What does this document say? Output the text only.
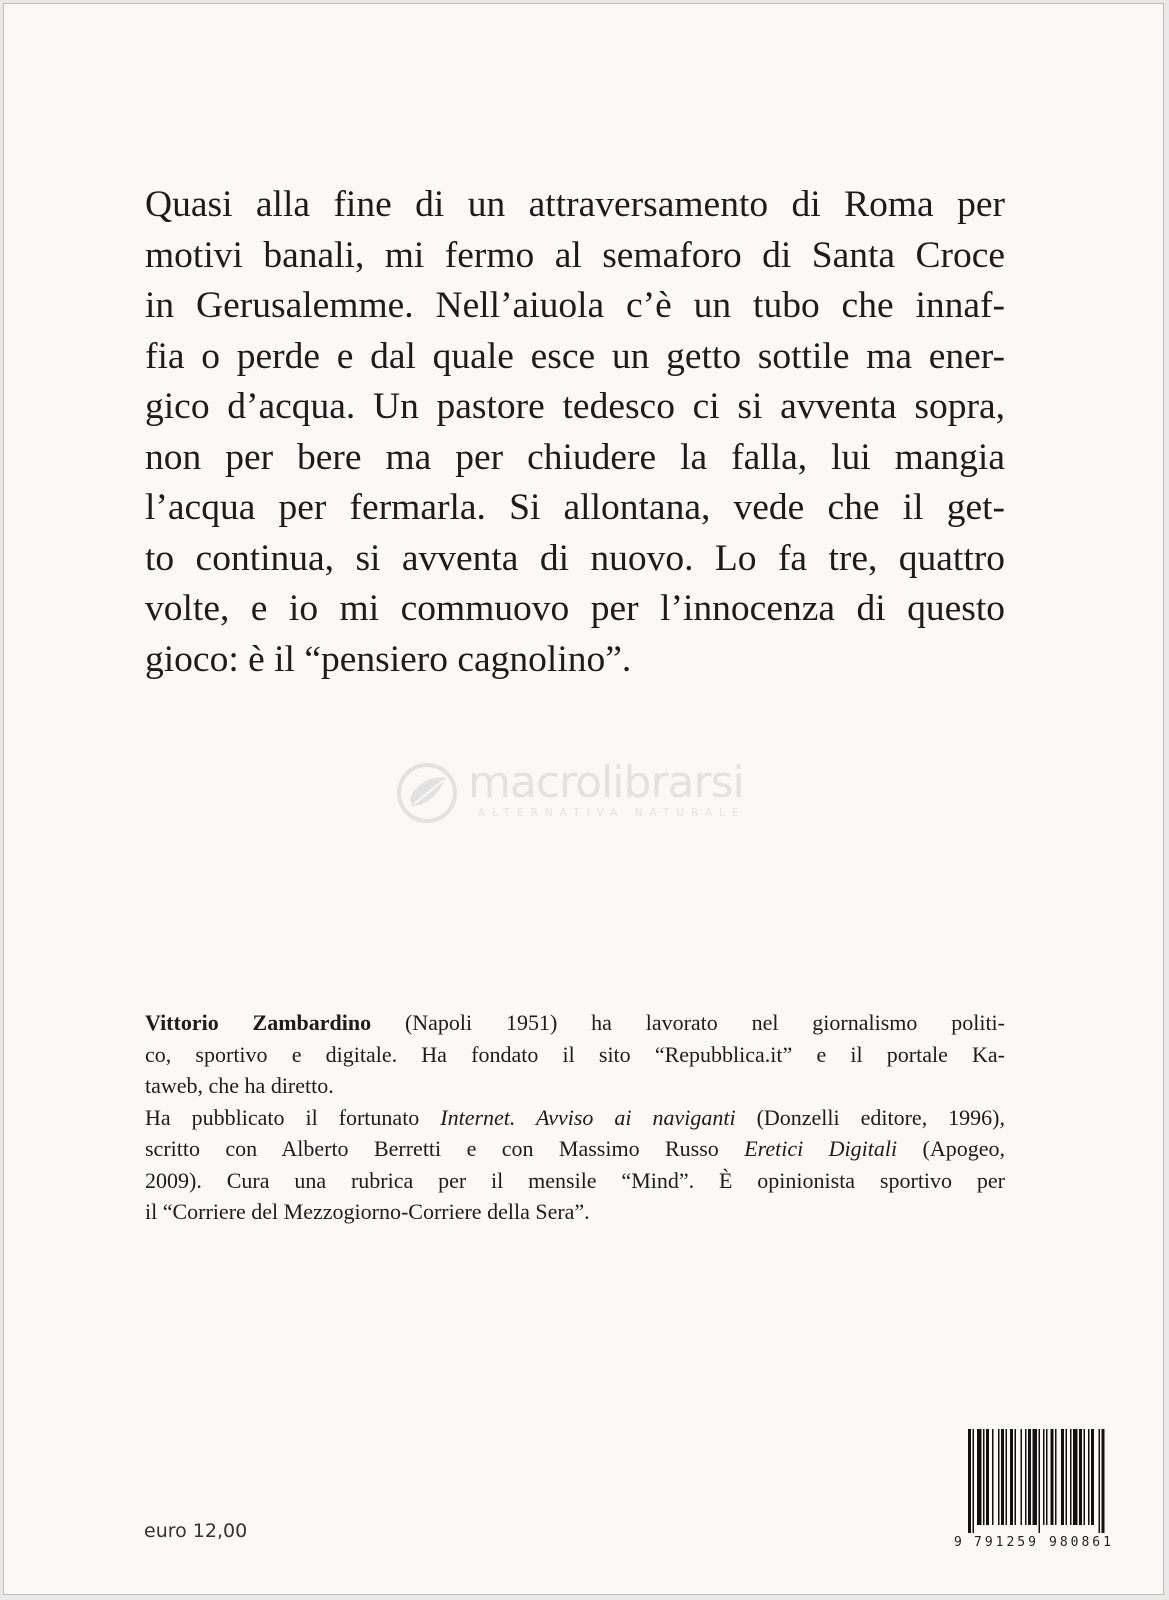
Quasi alla fine di un attraversamento di Roma per
motivi banali, mi fermo al semaforo di Santa Croce
in Gerusalemme. Nell’aiuola c’è un tubo che innaf-
fia o perde e dal quale esce un getto sottile ma ener-
gico d’acqua. Un pastore tedesco ci si avventa sopra,
non per bere ma per chiudere la falla, lui mangia
l’acqua per fermarla. Si allontana, vede che il get-
to continua, si avventa di nuovo. Lo fa tre, quattro
volte, e io mi commuovo per l’innocenza di questo
gioco: è il “pensiero cagnolino”.
macrolibrarsi
ALTERNATIVA NATURALE
Vittorio Zambardino (Napoli 1951) ha lavorato nel giornalismo politi-
co, sportivo e digitale. Ha fondato il sito “Repubblica.it” e il portale Ka-
taweb, che ha diretto.
Ha pubblicato il fortunato Internet. Avviso ai naviganti (Donzelli editore, 1996),
scritto con Alberto Berretti e con Massimo Russo Eretici Digitali (Apogeo,
2009). Cura una rubrica per il mensile “Mind”. È opinionista sportivo per
il “Corriere del Mezzogiorno-Corriere della Sera”.
euro 12,00
9 791259 980861
